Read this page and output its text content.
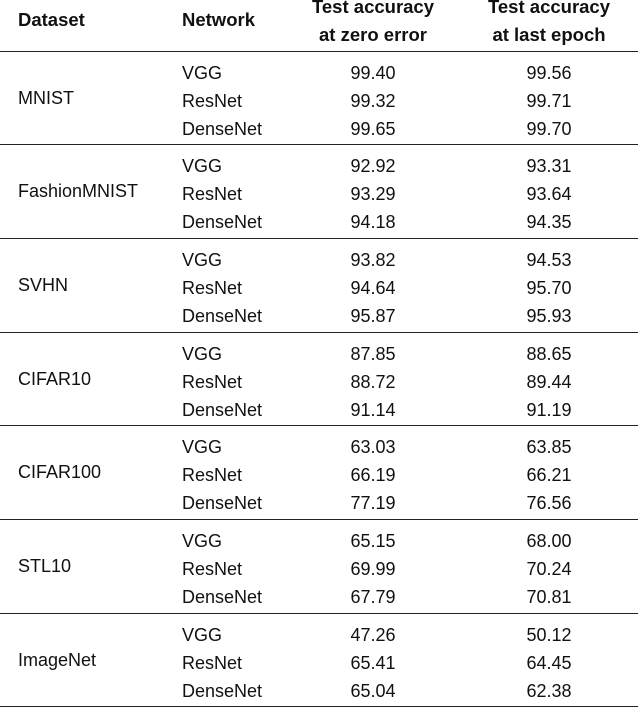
Dataset	Network
Test accuracy
at zero error
Test accuracy
at last epoch
MNIST
VGG	99.40	99.56
ResNet	99.32	99.71
DenseNet	99.65	99.70
FashionMNIST
VGG	92.92	93.31
ResNet	93.29	93.64
DenseNet	94.18	94.35
SVHN
VGG	93.82	94.53
ResNet	94.64	95.70
DenseNet	95.87	95.93
CIFAR10
VGG	87.85	88.65
ResNet	88.72	89.44
DenseNet	91.14	91.19
CIFAR100
VGG	63.03	63.85
ResNet	66.19	66.21
DenseNet	77.19	76.56
STL10
VGG	65.15	68.00
ResNet	69.99	70.24
DenseNet	67.79	70.81
ImageNet
VGG	47.26	50.12
ResNet	65.41	64.45
DenseNet	65.04	62.38
